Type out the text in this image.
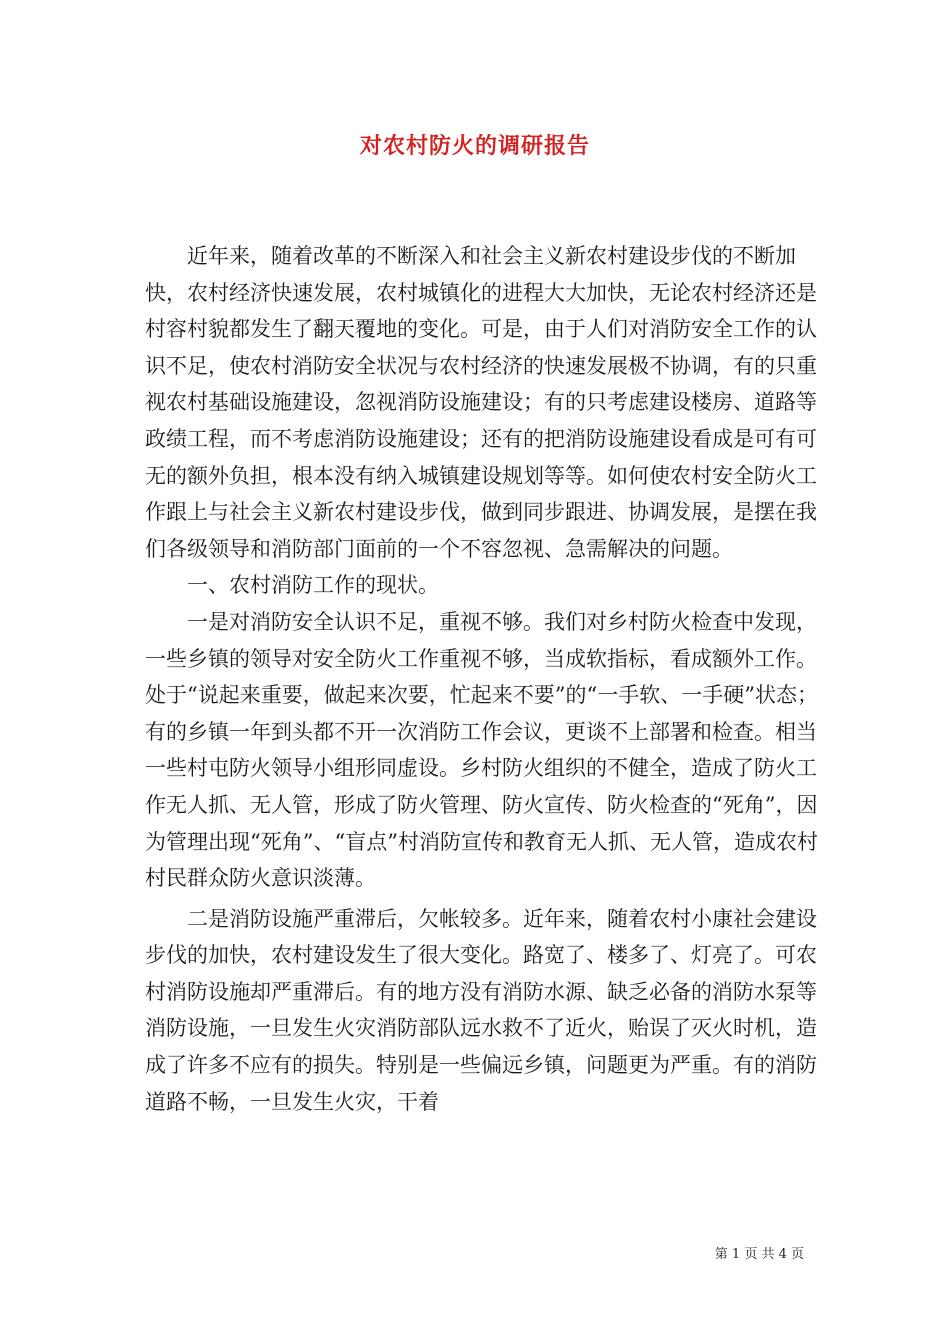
对农村防火的调研报告

近年来，随着改革的不断深入和社会主义新农村建设步伐的不断加快，农村经济快速发展，农村城镇化的进程大大加快，无论农村经济还是村容村貌都发生了翻天覆地的变化。可是，由于人们对消防安全工作的认识不足，使农村消防安全状况与农村经济的快速发展极不协调，有的只重视农村基础设施建设，忽视消防设施建设；有的只考虑建设楼房、道路等政绩工程，而不考虑消防设施建设；还有的把消防设施建设看成是可有可无的额外负担，根本没有纳入城镇建设规划等等。如何使农村安全防火工作跟上与社会主义新农村建设步伐，做到同步跟进、协调发展，是摆在我们各级领导和消防部门面前的一个不容忽视、急需解决的问题。

一、农村消防工作的现状。

一是对消防安全认识不足，重视不够。我们对乡村防火检查中发现，一些乡镇的领导对安全防火工作重视不够，当成软指标，看成额外工作。处于“说起来重要，做起来次要，忙起来不要”的“一手软、一手硬”状态；有的乡镇一年到头都不开一次消防工作会议，更谈不上部署和检查。相当一些村屯防火领导小组形同虚设。乡村防火组织的不健全，造成了防火工作无人抓、无人管，形成了防火管理、防火宣传、防火检查的“死角”，因为管理出现“死角”、“盲点”村消防宣传和教育无人抓、无人管，造成农村村民群众防火意识淡薄。

二是消防设施严重滞后，欠帐较多。近年来，随着农村小康社会建设步伐的加快，农村建设发生了很大变化。路宽了、楼多了、灯亮了。可农村消防设施却严重滞后。有的地方没有消防水源、缺乏必备的消防水泵等消防设施，一旦发生火灾消防部队远水救不了近火，贻误了灭火时机，造成了许多不应有的损失。特别是一些偏远乡镇，问题更为严重。有的消防道路不畅，一旦发生火灾，干着

第 1 页 共 4 页
